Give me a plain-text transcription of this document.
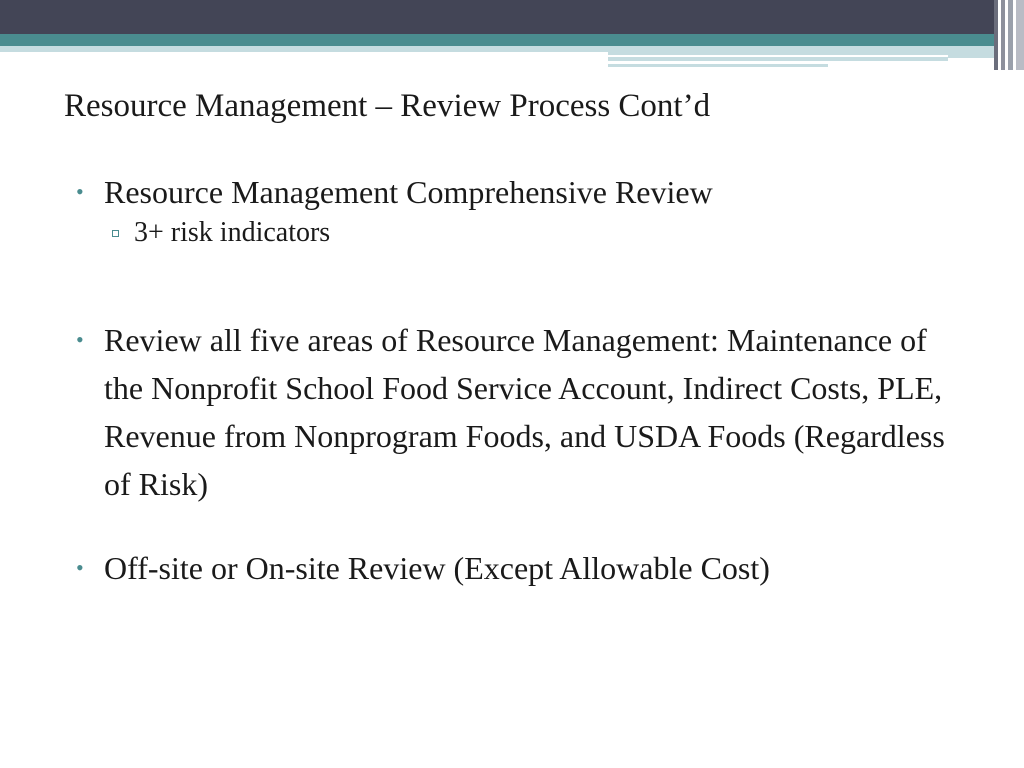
Resource Management – Review Process Cont’d
• Resource Management Comprehensive Review
3+ risk indicators
• Review all five areas of Resource Management: Maintenance of the Nonprofit School Food Service Account, Indirect Costs, PLE, Revenue from Nonprogram Foods, and USDA Foods (Regardless of Risk)
• Off-site or On-site Review (Except Allowable Cost)
